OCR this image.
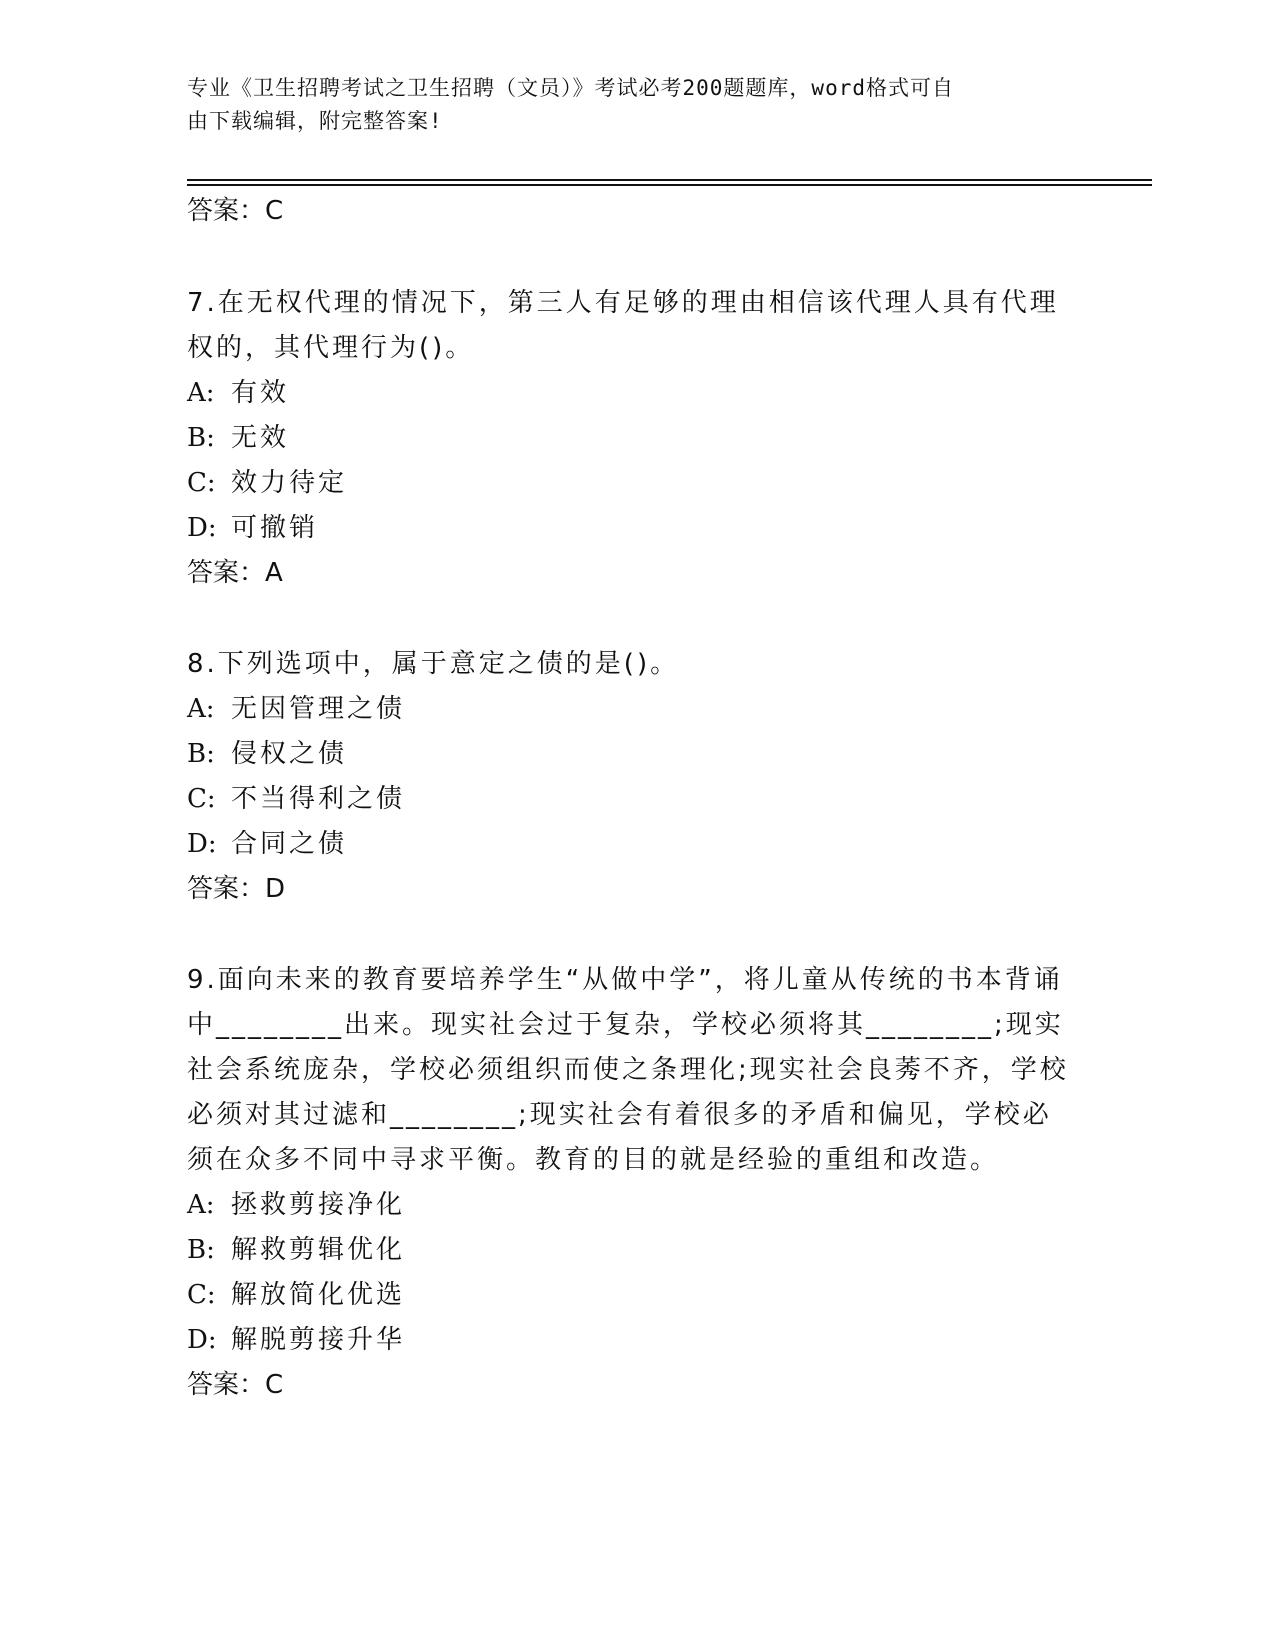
专业《卫生招聘考试之卫生招聘（文员）》考试必考200题题库，word格式可自
由下载编辑，附完整答案!
答案：C
7.在无权代理的情况下，第三人有足够的理由相信该代理人具有代理权的，其代理行为()。
A: 有效
B: 无效
C: 效力待定
D: 可撤销
答案：A
8.下列选项中，属于意定之债的是()。
A: 无因管理之债
B: 侵权之债
C: 不当得利之债
D: 合同之债
答案：D
9.面向未来的教育要培养学生“从做中学”，将儿童从传统的书本背诵中________出来。现实社会过于复杂，学校必须将其________;现实社会系统庞杂，学校必须组织而使之条理化;现实社会良莠不齐，学校必须对其过滤和________;现实社会有着很多的矛盾和偏见，学校必须在众多不同中寻求平衡。教育的目的就是经验的重组和改造。
A: 拯救剪接净化
B: 解救剪辑优化
C: 解放简化优选
D: 解脱剪接升华
答案：C
